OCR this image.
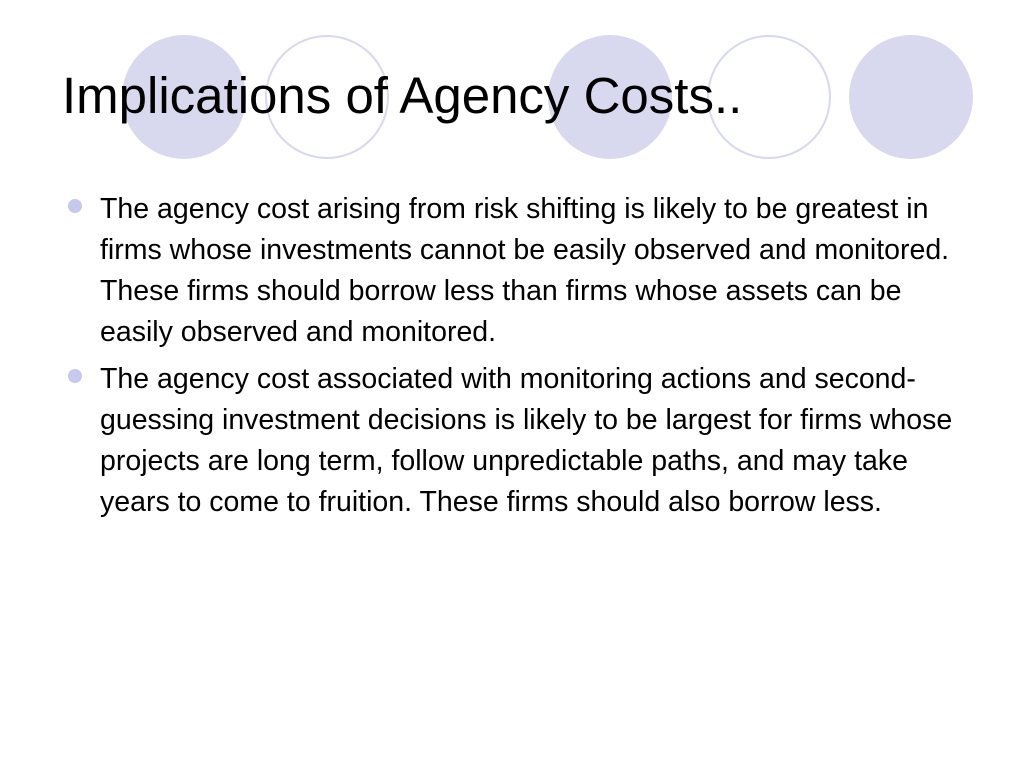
Implications of Agency Costs..
The agency cost arising from risk shifting is likely to be greatest in firms whose investments cannot be easily observed and monitored. These firms should borrow less than firms whose assets can be easily observed and monitored.
The agency cost associated with monitoring actions and second-guessing investment decisions is likely to be largest for firms whose projects are long term, follow unpredictable paths, and may take years to come to fruition. These firms should also borrow less.
